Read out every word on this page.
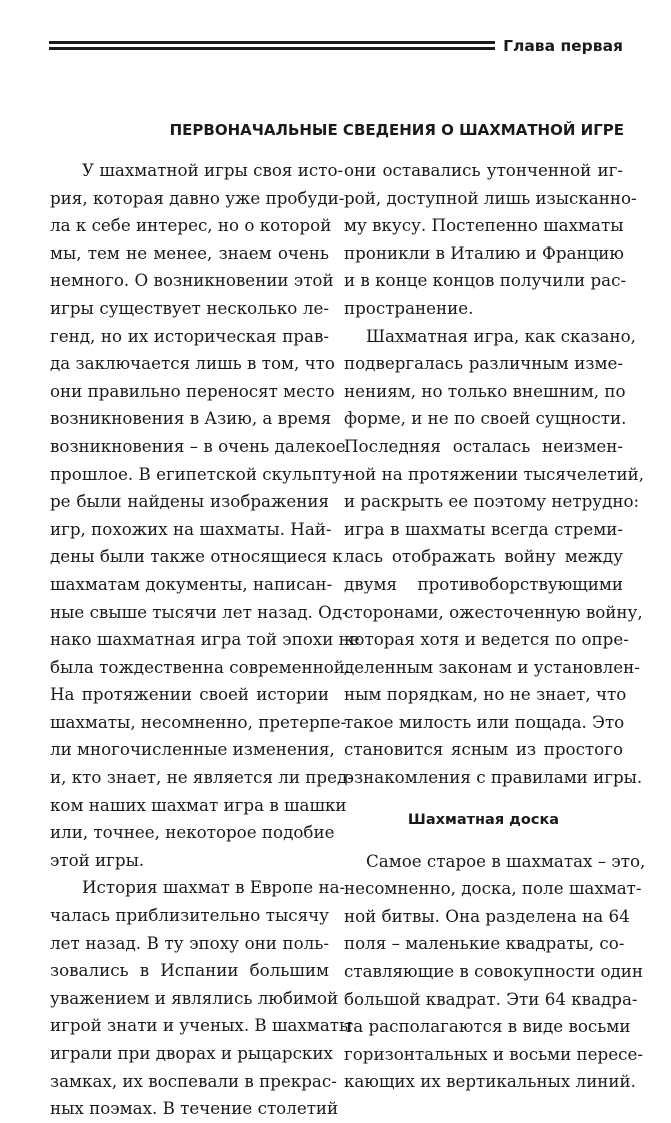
Глава первая
ПЕРВОНАЧАЛЬНЫЕ СВЕДЕНИЯ О ШАХМАТНОЙ ИГРЕ
У шахматной игры своя исто-
рия, которая давно уже пробуди-
ла к себе интерес, но о которой
мы, тем не менее, знаем очень
немного. О возникновении этой
игры существует несколько ле-
генд, но их историческая прав-
да заключается лишь в том, что
они правильно переносят место
возникновения в Азию, а время
возникновения – в очень далекое
прошлое. В египетской скульпту-
ре были найдены изображения
игр, похожих на шахматы. Най-
дены были также относящиеся к
шахматам документы, написан-
ные свыше тысячи лет назад. Од-
нако шахматная игра той эпохи не
была тождественна современной.
На протяжении своей истории
шахматы, несомненно, претерпе-
ли многочисленные изменения,
и, кто знает, не является ли пред-
ком наших шахмат игра в шашки
или, точнее, некоторое подобие
этой игры.
История шахмат в Европе на-
чалась приблизительно тысячу
лет назад. В ту эпоху они поль-
зовались в Испании большим
уважением и являлись любимой
игрой знати и ученых. В шахматы
играли при дворах и рыцарских
замках, их воспевали в прекрас-
ных поэмах. В течение столетий
они оставались утонченной иг-
рой, доступной лишь изысканно-
му вкусу. Постепенно шахматы
проникли в Италию и Францию
и в конце концов получили рас-
пространение.
Шахматная игра, как сказано,
подвергалась различным изме-
нениям, но только внешним, по
форме, и не по своей сущности.
Последняя осталась неизмен-
ной на протяжении тысячелетий,
и раскрыть ее поэтому нетрудно:
игра в шахматы всегда стреми-
лась отображать войну между
двумя противоборствующими
сторонами, ожесточенную войну,
которая хотя и ведется по опре-
деленным законам и установлен-
ным порядкам, но не знает, что
такое милость или пощада. Это
становится ясным из простого
ознакомления с правилами игры.
Шахматная доска
Самое старое в шахматах – это,
несомненно, доска, поле шахмат-
ной битвы. Она разделена на 64
поля – маленькие квадраты, со-
ставляющие в совокупности один
большой квадрат. Эти 64 квадра-
та располагаются в виде восьми
горизонтальных и восьми пересе-
кающих их вертикальных линий.
